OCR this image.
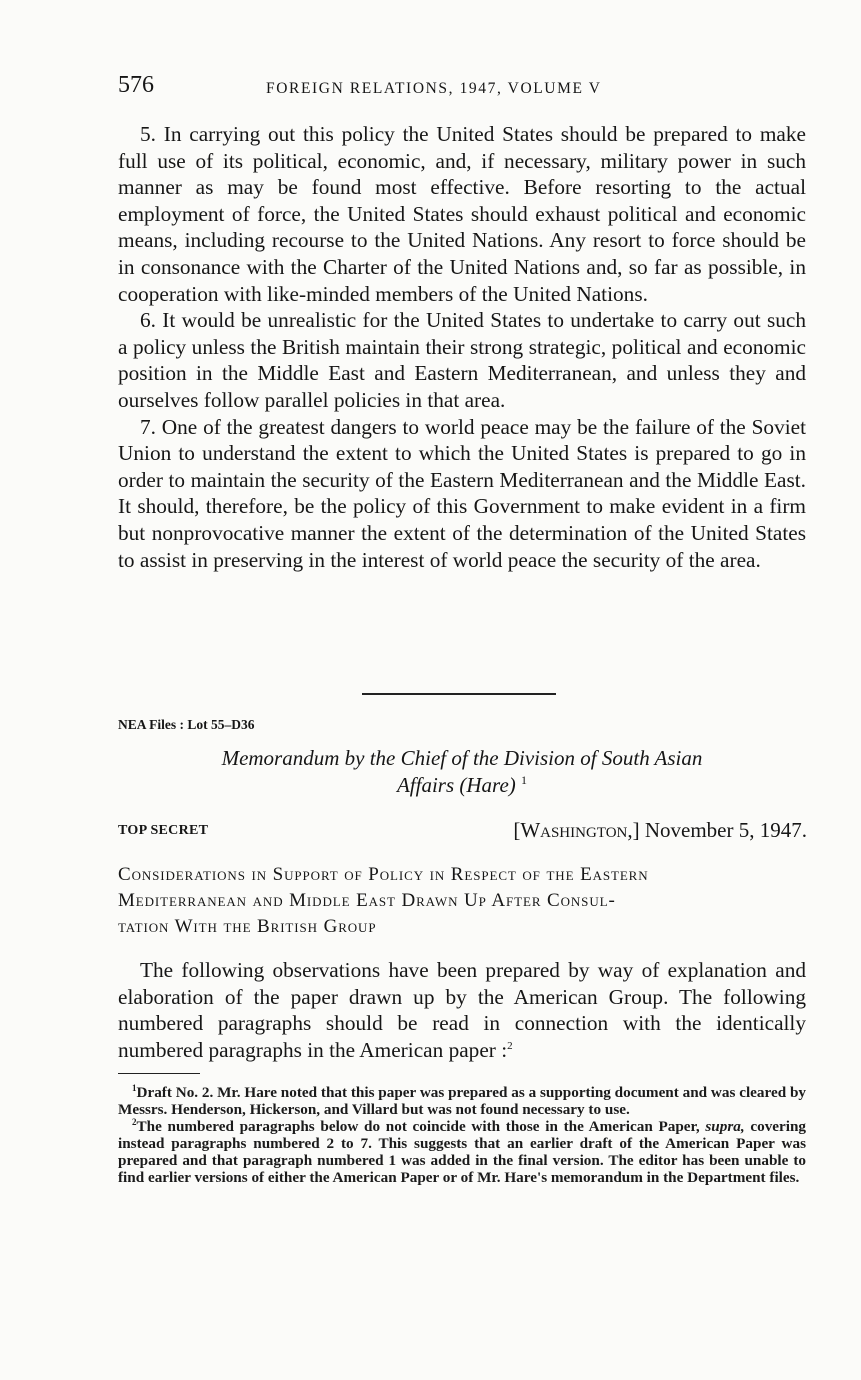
576	FOREIGN RELATIONS, 1947, VOLUME V

5. In carrying out this policy the United States should be prepared to make full use of its political, economic, and, if necessary, military power in such manner as may be found most effective. Before resorting to the actual employment of force, the United States should exhaust political and economic means, including recourse to the United Nations. Any resort to force should be in consonance with the Charter of the United Nations and, so far as possible, in cooperation with like-minded members of the United Nations.

6. It would be unrealistic for the United States to undertake to carry out such a policy unless the British maintain their strong strategic, political and economic position in the Middle East and Eastern Mediterranean, and unless they and ourselves follow parallel policies in that area.

7. One of the greatest dangers to world peace may be the failure of the Soviet Union to understand the extent to which the United States is prepared to go in order to maintain the security of the Eastern Mediterranean and the Middle East. It should, therefore, be the policy of this Government to make evident in a firm but nonprovocative manner the extent of the determination of the United States to assist in preserving in the interest of world peace the security of the area.

NEA Files : Lot 55–D36
Memorandum by the Chief of the Division of South Asian
Affairs (Hare) $^1$
TOP SECRET	[Washington,] November 5, 1947.
Considerations in Support of Policy in Respect of the Eastern
Mediterranean and Middle East Drawn Up After Consul-
tation With the British Group

The following observations have been prepared by way of explanation and elaboration of the paper drawn up by the American Group. The following numbered paragraphs should be read in connection with the identically numbered paragraphs in the American paper :$^2$

$^1$Draft No. 2. Mr. Hare noted that this paper was prepared as a supporting document and was cleared by Messrs. Henderson, Hickerson, and Villard but was not found necessary to use.

$^2$The numbered paragraphs below do not coincide with those in the American Paper, supra, covering instead paragraphs numbered 2 to 7. This suggests that an earlier draft of the American Paper was prepared and that paragraph numbered 1 was added in the final version. The editor has been unable to find earlier versions of either the American Paper or of Mr. Hare's memorandum in the Department files.
